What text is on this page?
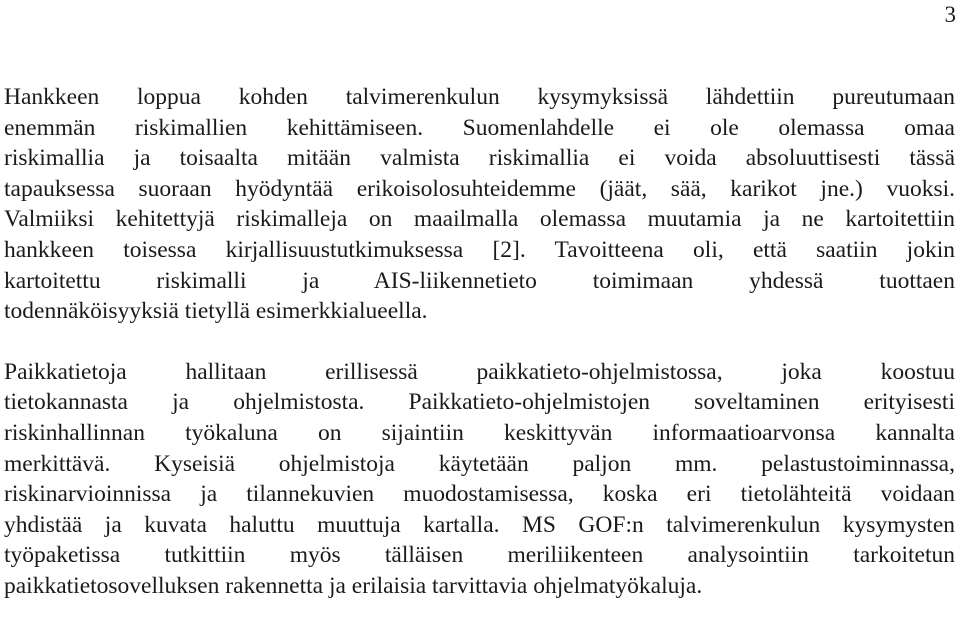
3
Hankkeen loppua kohden talvimerenkulun kysymyksissä lähdettiin pureutumaan
enemmän riskimallien kehittämiseen. Suomenlahdelle ei ole olemassa omaa
riskimallia ja toisaalta mitään valmista riskimallia ei voida absoluuttisesti tässä
tapauksessa suoraan hyödyntää erikoisolosuhteidemme (jäät, sää, karikot jne.) vuoksi.
Valmiiksi kehitettyjä riskimalleja on maailmalla olemassa muutamia ja ne kartoitettiin
hankkeen toisessa kirjallisuustutkimuksessa [2]. Tavoitteena oli, että saatiin jokin
kartoitettu riskimalli ja AIS-liikennetieto toimimaan yhdessä tuottaen
todennäköisyyksiä tietyllä esimerkkialueella.
Paikkatietoja hallitaan erillisessä paikkatieto-ohjelmistossa, joka koostuu
tietokannasta ja ohjelmistosta. Paikkatieto-ohjelmistojen soveltaminen erityisesti
riskinhallinnan työkaluna on sijaintiin keskittyvän informaatioarvonsa kannalta
merkittävä. Kyseisiä ohjelmistoja käytetään paljon mm. pelastustoiminnassa,
riskinarvioinnissa ja tilannekuvien muodostamisessa, koska eri tietolähteitä voidaan
yhdistää ja kuvata haluttu muuttuja kartalla. MS GOF:n talvimerenkulun kysymysten
työpaketissa tutkittiin myös tälläisen meriliikenteen analysointiin tarkoitetun
paikkatietosovelluksen rakennetta ja erilaisia tarvittavia ohjelmatyökaluja.
